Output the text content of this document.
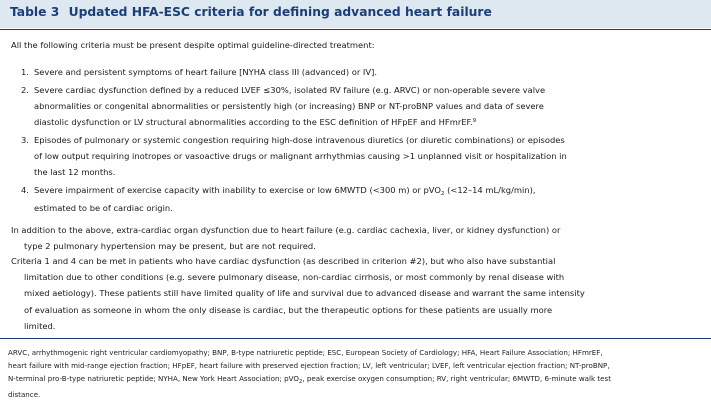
Table 3 Updated HFA-ESC criteria for defining advanced heart failure
All the following criteria must be present despite optimal guideline-directed treatment:
1. Severe and persistent symptoms of heart failure [NYHA class III (advanced) or IV].
2. Severe cardiac dysfunction defined by a reduced LVEF ≤30%, isolated RV failure (e.g. ARVC) or non-operable severe valve
abnormalities or congenital abnormalities or persistently high (or increasing) BNP or NT-proBNP values and data of severe
diastolic dysfunction or LV structural abnormalities according to the ESC definition of HFpEF and HFmrEF.$^9$
3. Episodes of pulmonary or systemic congestion requiring high-dose intravenous diuretics (or diuretic combinations) or episodes
of low output requiring inotropes or vasoactive drugs or malignant arrhythmias causing >1 unplanned visit or hospitalization in
the last 12 months.
4. Severe impairment of exercise capacity with inability to exercise or low 6MWTD (<300 m) or pVO$_2$ (<12–14 mL/kg/min),
estimated to be of cardiac origin.
In addition to the above, extra-cardiac organ dysfunction due to heart failure (e.g. cardiac cachexia, liver, or kidney dysfunction) or
type 2 pulmonary hypertension may be present, but are not required.
Criteria 1 and 4 can be met in patients who have cardiac dysfunction (as described in criterion #2), but who also have substantial
limitation due to other conditions (e.g. severe pulmonary disease, non-cardiac cirrhosis, or most commonly by renal disease with
mixed aetiology). These patients still have limited quality of life and survival due to advanced disease and warrant the same intensity
of evaluation as someone in whom the only disease is cardiac, but the therapeutic options for these patients are usually more
limited.
ARVC, arrhythmogenic right ventricular cardiomyopathy; BNP, B-type natriuretic peptide; ESC, European Society of Cardiology; HFA, Heart Failure Association; HFmrEF,
heart failure with mid-range ejection fraction; HFpEF, heart failure with preserved ejection fraction; LV, left ventricular; LVEF, left ventricular ejection fraction; NT-proBNP,
N-terminal pro-B-type natriuretic peptide; NYHA, New York Heart Association; pVO$_2$, peak exercise oxygen consumption; RV, right ventricular; 6MWTD, 6-minute walk test
distance.
